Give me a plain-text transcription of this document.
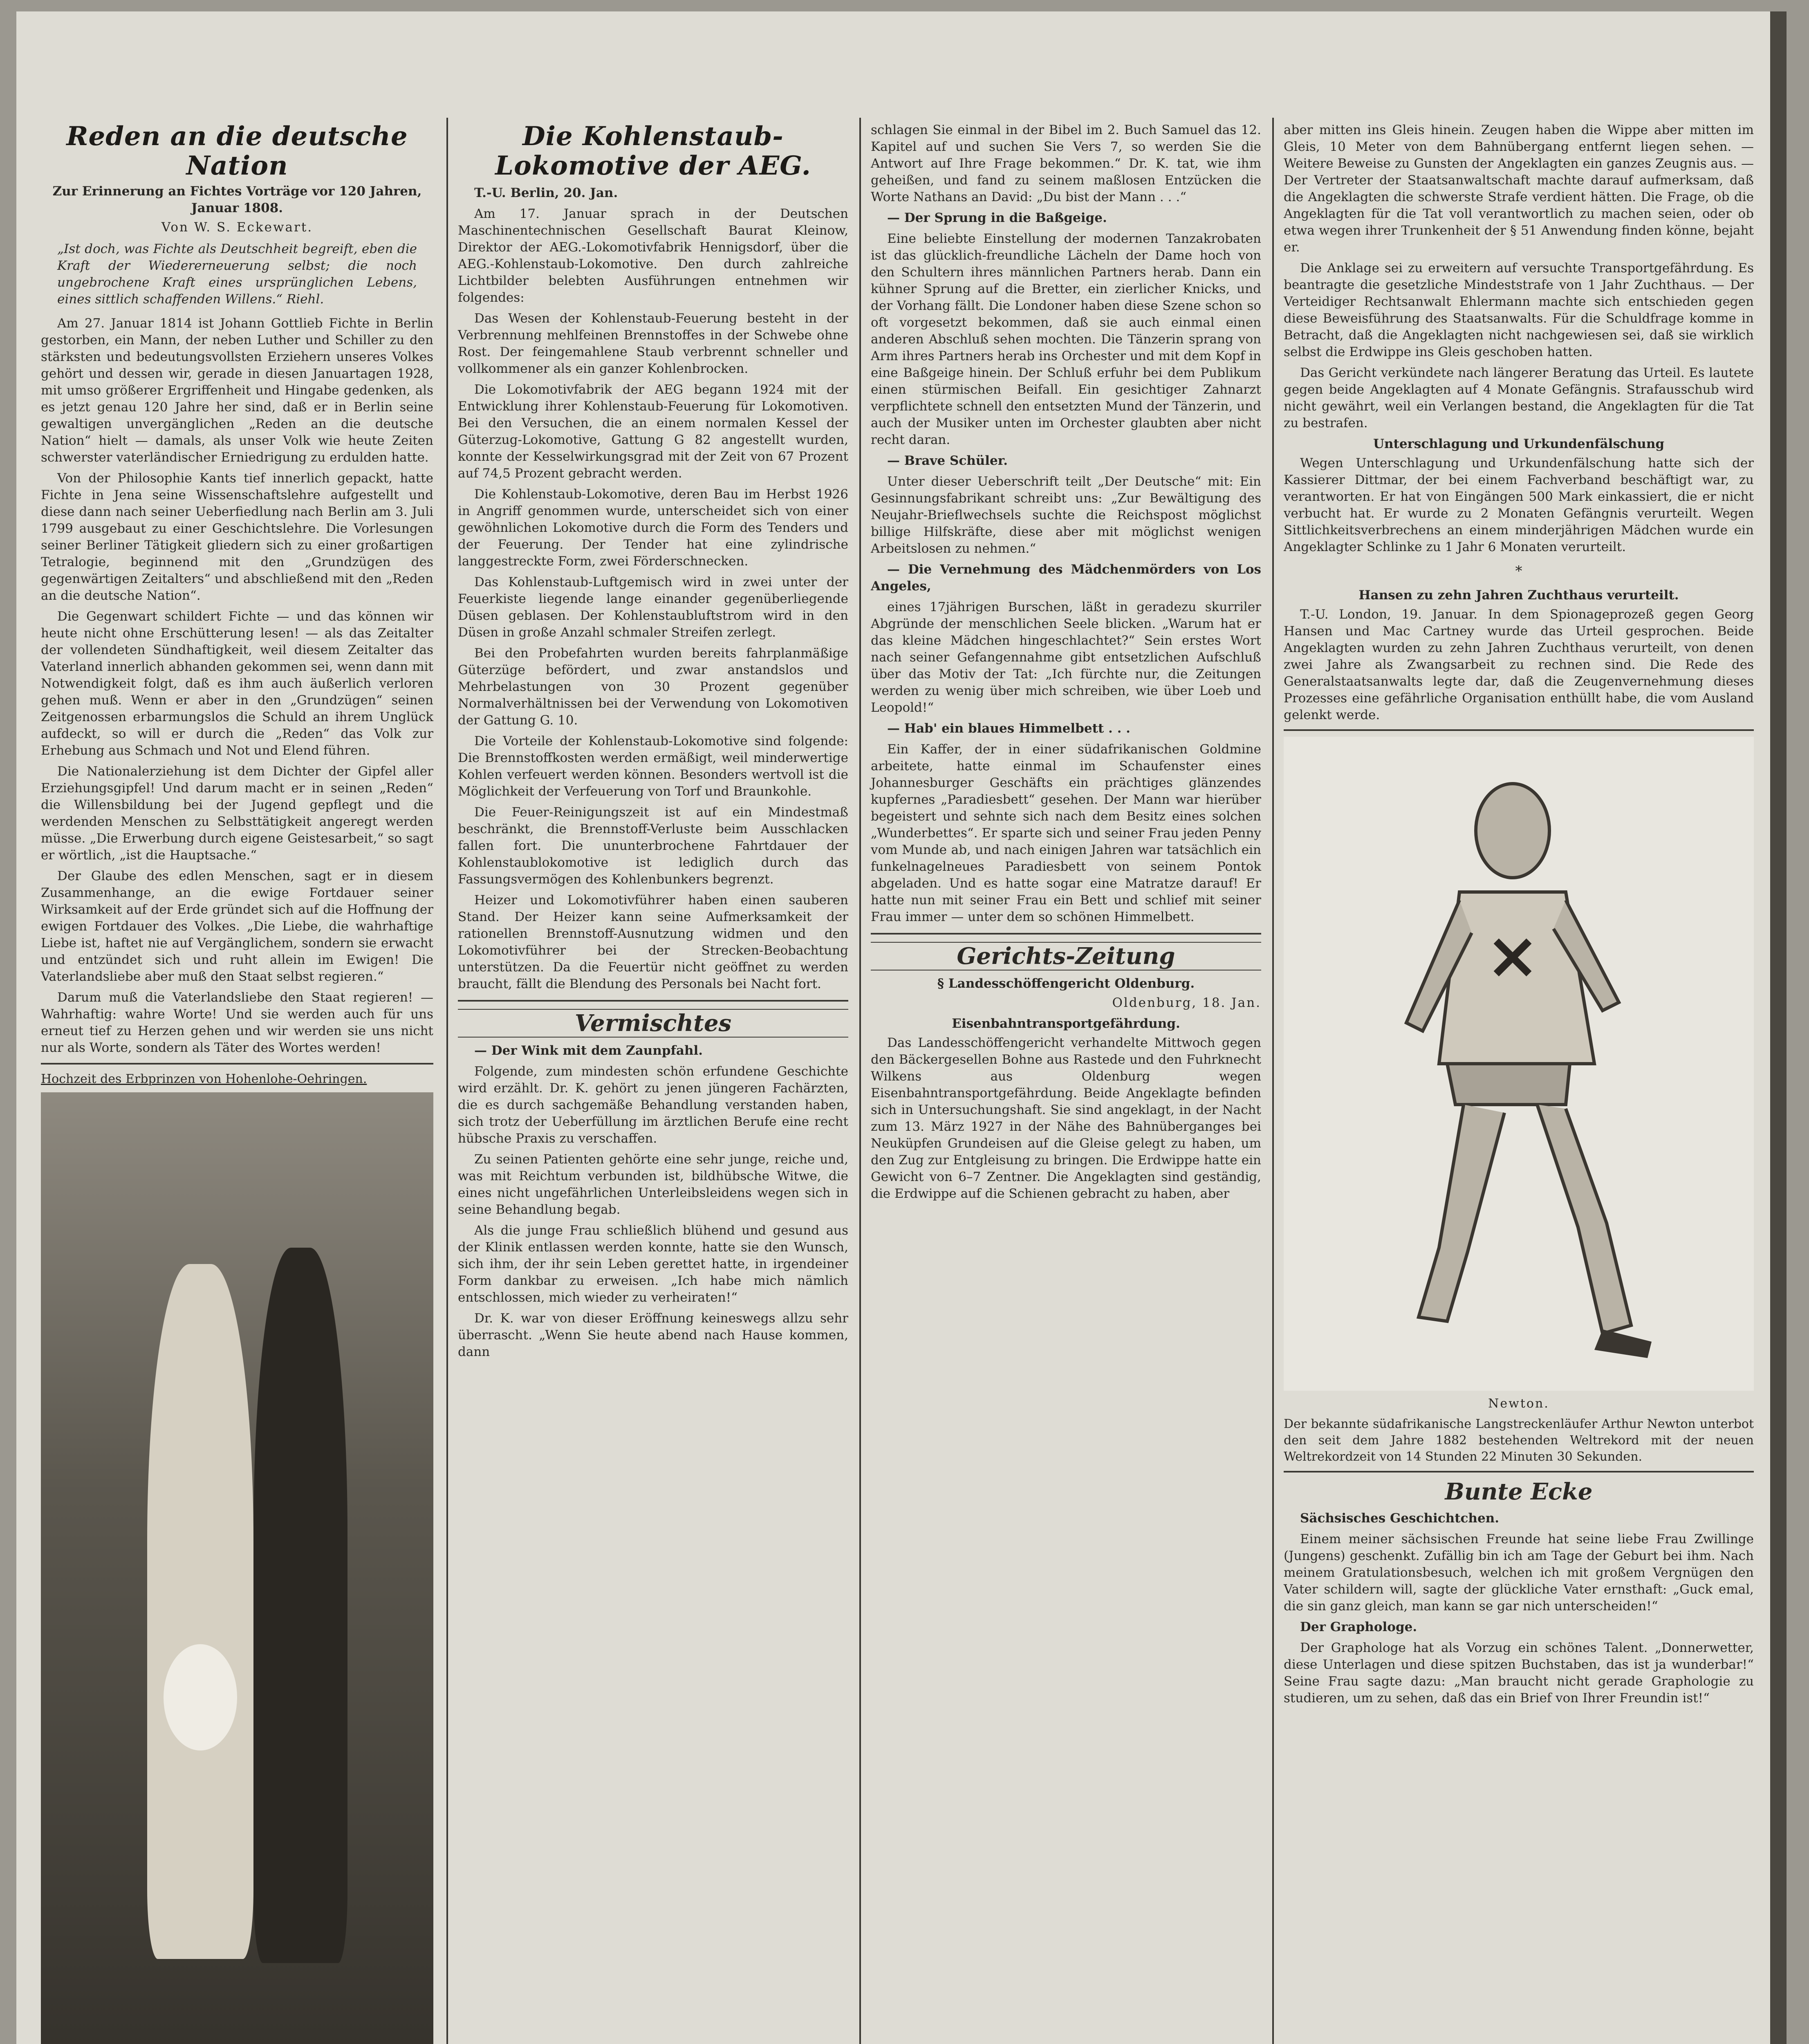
Reden an die deutsche Nation
Zur Erinnerung an Fichtes Vorträge vor 120 Jahren, Januar 1808.
Von W. S. Eckewart.
„Ist doch, was Fichte als Deutschheit begreift, eben die Kraft der Wiedererneuerung selbst; die noch ungebrochene Kraft eines ursprünglichen Lebens, eines sittlich schaffenden Willens.“ Riehl.

Am 27. Januar 1814 ist Johann Gottlieb Fichte in Berlin gestorben, ein Mann, der neben Luther und Schiller zu den stärksten und bedeutungsvollsten Erziehern unseres Volkes gehört und dessen wir, gerade in diesen Januartagen 1928, mit umso größerer Ergriffenheit und Hingabe gedenken, als es jetzt genau 120 Jahre her sind, daß er in Berlin seine gewaltigen unvergänglichen „Reden an die deutsche Nation“ hielt — damals, als unser Volk wie heute Zeiten schwerster vaterländischer Erniedrigung zu erdulden hatte.

Von der Philosophie Kants tief innerlich gepackt, hatte Fichte in Jena seine Wissenschaftslehre aufgestellt und diese dann nach seiner Ueberfiedlung nach Berlin am 3. Juli 1799 ausgebaut zu einer Geschichtslehre. Die Vorlesungen seiner Berliner Tätigkeit gliedern sich zu einer großartigen Tetralogie, beginnend mit den „Grundzügen des gegenwärtigen Zeitalters“ und abschließend mit den „Reden an die deutsche Nation“.

Die Gegenwart schildert Fichte — und das können wir heute nicht ohne Erschütterung lesen! — als das Zeitalter der vollendeten Sündhaftigkeit, weil diesem Zeitalter das Vaterland innerlich abhanden gekommen sei, wenn dann mit Notwendigkeit folgt, daß es ihm auch äußerlich verloren gehen muß. Wenn er aber in den „Grundzügen“ seinen Zeitgenossen erbarmungslos die Schuld an ihrem Unglück aufdeckt, so will er durch die „Reden“ das Volk zur Erhebung aus Schmach und Not und Elend führen.

Die Nationalerziehung ist dem Dichter der Gipfel aller Erziehungsgipfel! Und darum macht er in seinen „Reden“ die Willensbildung bei der Jugend gepflegt und die werdenden Menschen zu Selbsttätigkeit angeregt werden müsse. „Die Erwerbung durch eigene Geistesarbeit,“ so sagt er wörtlich, „ist die Hauptsache.“

Der Glaube des edlen Menschen, sagt er in diesem Zusammenhange, an die ewige Fortdauer seiner Wirksamkeit auf der Erde gründet sich auf die Hoffnung der ewigen Fortdauer des Volkes. „Die Liebe, die wahrhaftige Liebe ist, haftet nie auf Vergänglichem, sondern sie erwacht und entzündet sich und ruht allein im Ewigen! Die Vaterlandsliebe aber muß den Staat selbst regieren.“

Darum muß die Vaterlandsliebe den Staat regieren! — Wahrhaftig: wahre Worte! Und sie werden auch für uns erneut tief zu Herzen gehen und wir werden sie uns nicht nur als Worte, sondern als Täter des Wortes werden!

Hochzeit des Erbprinzen von Hohenlohe-Oehringen.
Die Kohlenstaub-Lokomotive der AEG.

T.-U. Berlin, 20. Jan.

Am 17. Januar sprach in der Deutschen Maschinentechnischen Gesellschaft Baurat Kleinow, Direktor der AEG.-Lokomotivfabrik Hennigsdorf, über die AEG.-Kohlenstaub-Lokomotive. Den durch zahlreiche Lichtbilder belebten Ausführungen entnehmen wir folgendes:

Das Wesen der Kohlenstaub-Feuerung besteht in der Verbrennung mehlfeinen Brennstoffes in der Schwebe ohne Rost. Der feingemahlene Staub verbrennt schneller und vollkommener als ein ganzer Kohlenbrocken.

Die Lokomotivfabrik der AEG begann 1924 mit der Entwicklung ihrer Kohlenstaub-Feuerung für Lokomotiven. Bei den Versuchen, die an einem normalen Kessel der Güterzug-Lokomotive, Gattung G 82 angestellt wurden, konnte der Kesselwirkungsgrad mit der Zeit von 67 Prozent auf 74,5 Prozent gebracht werden.

Die Kohlenstaub-Lokomotive, deren Bau im Herbst 1926 in Angriff genommen wurde, unterscheidet sich von einer gewöhnlichen Lokomotive durch die Form des Tenders und der Feuerung. Der Tender hat eine zylindrische langgestreckte Form, zwei Förderschnecken.

Das Kohlenstaub-Luftgemisch wird in zwei unter der Feuerkiste liegende lange einander gegenüberliegende Düsen geblasen. Der Kohlenstaubluftstrom wird in den Düsen in große Anzahl schmaler Streifen zerlegt.

Bei den Probefahrten wurden bereits fahrplanmäßige Güterzüge befördert, und zwar anstandslos und Mehrbelastungen von 30 Prozent gegenüber Normalverhältnissen bei der Verwendung von Lokomotiven der Gattung G. 10.

Die Vorteile der Kohlenstaub-Lokomotive sind folgende: Die Brennstoffkosten werden ermäßigt, weil minderwertige Kohlen verfeuert werden können. Besonders wertvoll ist die Möglichkeit der Verfeuerung von Torf und Braunkohle.

Die Feuer-Reinigungszeit ist auf ein Mindestmaß beschränkt, die Brennstoff-Verluste beim Ausschlacken fallen fort. Die ununterbrochene Fahrtdauer der Kohlenstaublokomotive ist lediglich durch das Fassungsvermögen des Kohlenbunkers begrenzt.

Heizer und Lokomotivführer haben einen sauberen Stand. Der Heizer kann seine Aufmerksamkeit der rationellen Brennstoff-Ausnutzung widmen und den Lokomotivführer bei der Strecken-Beobachtung unterstützen. Da die Feuertür nicht geöffnet zu werden braucht, fällt die Blendung des Personals bei Nacht fort.

Vermischtes

— Der Wink mit dem Zaunpfahl.

Folgende, zum mindesten schön erfundene Geschichte wird erzählt. Dr. K. gehört zu jenen jüngeren Fachärzten, die es durch sachgemäße Behandlung verstanden haben, sich trotz der Ueberfüllung im ärztlichen Berufe eine recht hübsche Praxis zu verschaffen.

Zu seinen Patienten gehörte eine sehr junge, reiche und, was mit Reichtum verbunden ist, bildhübsche Witwe, die eines nicht ungefährlichen Unterleibsleidens wegen sich in seine Behandlung begab.

Als die junge Frau schließlich blühend und gesund aus der Klinik entlassen werden konnte, hatte sie den Wunsch, sich ihm, der ihr sein Leben gerettet hatte, in irgendeiner Form dankbar zu erweisen. „Ich habe mich nämlich entschlossen, mich wieder zu verheiraten!“

Dr. K. war von dieser Eröffnung keineswegs allzu sehr überrascht. „Wenn Sie heute abend nach Hause kommen, dann

schlagen Sie einmal in der Bibel im 2. Buch Samuel das 12. Kapitel auf und suchen Sie Vers 7, so werden Sie die Antwort auf Ihre Frage bekommen.“ Dr. K. tat, wie ihm geheißen, und fand zu seinem maßlosen Entzücken die Worte Nathans an David: „Du bist der Mann . . .“

— Der Sprung in die Baßgeige.

Eine beliebte Einstellung der modernen Tanzakrobaten ist das glücklich-freundliche Lächeln der Dame hoch von den Schultern ihres männlichen Partners herab. Dann ein kühner Sprung auf die Bretter, ein zierlicher Knicks, und der Vorhang fällt. Die Londoner haben diese Szene schon so oft vorgesetzt bekommen, daß sie auch einmal einen anderen Abschluß sehen mochten. Die Tänzerin sprang von Arm ihres Partners herab ins Orchester und mit dem Kopf in eine Baßgeige hinein. Der Schluß erfuhr bei dem Publikum einen stürmischen Beifall. Ein gesichtiger Zahnarzt verpflichtete schnell den entsetzten Mund der Tänzerin, und auch der Musiker unten im Orchester glaubten aber nicht recht daran.

— Brave Schüler.

Unter dieser Ueberschrift teilt „Der Deutsche“ mit: Ein Gesinnungsfabrikant schreibt uns: „Zur Bewältigung des Neujahr-Brieflwechsels suchte die Reichspost möglichst billige Hilfskräfte, diese aber mit möglichst wenigen Arbeitslosen zu nehmen.“

— Die Vernehmung des Mädchenmörders von Los Angeles,

eines 17jährigen Burschen, läßt in geradezu skurriler Abgründe der menschlichen Seele blicken. „Warum hat er das kleine Mädchen hingeschlachtet?“ Sein erstes Wort nach seiner Gefangennahme gibt entsetzlichen Aufschluß über das Motiv der Tat: „Ich fürchte nur, die Zeitungen werden zu wenig über mich schreiben, wie über Loeb und Leopold!“

— Hab' ein blaues Himmelbett . . .

Ein Kaffer, der in einer südafrikanischen Goldmine arbeitete, hatte einmal im Schaufenster eines Johannesburger Geschäfts ein prächtiges glänzendes kupfernes „Paradiesbett“ gesehen. Der Mann war hierüber begeistert und sehnte sich nach dem Besitz eines solchen „Wunderbettes“. Er sparte sich und seiner Frau jeden Penny vom Munde ab, und nach einigen Jahren war tatsächlich ein funkelnagelneues Paradiesbett von seinem Pontok abgeladen. Und es hatte sogar eine Matratze darauf! Er hatte nun mit seiner Frau ein Bett und schlief mit seiner Frau immer — unter dem so schönen Himmelbett.

Gerichts-Zeitung
§ Landesschöffengericht Oldenburg.
Oldenburg, 18. Jan.
Eisenbahntransportgefährdung.

Das Landesschöffengericht verhandelte Mittwoch gegen den Bäckergesellen Bohne aus Rastede und den Fuhrknecht Wilkens aus Oldenburg wegen Eisenbahntransportgefährdung. Beide Angeklagte befinden sich in Untersuchungshaft. Sie sind angeklagt, in der Nacht zum 13. März 1927 in der Nähe des Bahnüberganges bei Neuküpfen Grundeisen auf die Gleise gelegt zu haben, um den Zug zur Entgleisung zu bringen. Die Erdwippe hatte ein Gewicht von 6–7 Zentner. Die Angeklagten sind geständig, die Erdwippe auf die Schienen gebracht zu haben, aber

aber mitten ins Gleis hinein. Zeugen haben die Wippe aber mitten im Gleis, 10 Meter von dem Bahnübergang entfernt liegen sehen. — Weitere Beweise zu Gunsten der Angeklagten ein ganzes Zeugnis aus. — Der Vertreter der Staatsanwaltschaft machte darauf aufmerksam, daß die Angeklagten die schwerste Strafe verdient hätten. Die Frage, ob die Angeklagten für die Tat voll verantwortlich zu machen seien, oder ob etwa wegen ihrer Trunkenheit der § 51 Anwendung finden könne, bejaht er.

Die Anklage sei zu erweitern auf versuchte Transportgefährdung. Es beantragte die gesetzliche Mindeststrafe von 1 Jahr Zuchthaus. — Der Verteidiger Rechtsanwalt Ehlermann machte sich entschieden gegen diese Beweisführung des Staatsanwalts. Für die Schuldfrage komme in Betracht, daß die Angeklagten nicht nachgewiesen sei, daß sie wirklich selbst die Erdwippe ins Gleis geschoben hatten.

Das Gericht verkündete nach längerer Beratung das Urteil. Es lautete gegen beide Angeklagten auf 4 Monate Gefängnis. Strafausschub wird nicht gewährt, weil ein Verlangen bestand, die Angeklagten für die Tat zu bestrafen.

Unterschlagung und Urkundenfälschung

Wegen Unterschlagung und Urkundenfälschung hatte sich der Kassierer Dittmar, der bei einem Fachverband beschäftigt war, zu verantworten. Er hat von Eingängen 500 Mark einkassiert, die er nicht verbucht hat. Er wurde zu 2 Monaten Gefängnis verurteilt. Wegen Sittlichkeitsverbrechens an einem minderjährigen Mädchen wurde ein Angeklagter Schlinke zu 1 Jahr 6 Monaten verurteilt.

*
Hansen zu zehn Jahren Zuchthaus verurteilt.

T.-U. London, 19. Januar. In dem Spionageprozeß gegen Georg Hansen und Mac Cartney wurde das Urteil gesprochen. Beide Angeklagten wurden zu zehn Jahren Zuchthaus verurteilt, von denen zwei Jahre als Zwangsarbeit zu rechnen sind. Die Rede des Generalstaatsanwalts legte dar, daß die Zeugenvernehmung dieses Prozesses eine gefährliche Organisation enthüllt habe, die vom Ausland gelenkt werde.

Newton.
Der bekannte südafrikanische Langstreckenläufer Arthur Newton unterbot den seit dem Jahre 1882 bestehenden Weltrekord mit der neuen Weltrekordzeit von 14 Stunden 22 Minuten 30 Sekunden.
Bunte Ecke

Sächsisches Geschichtchen.

Einem meiner sächsischen Freunde hat seine liebe Frau Zwillinge (Jungens) geschenkt. Zufällig bin ich am Tage der Geburt bei ihm. Nach meinem Gratulationsbesuch, welchen ich mit großem Vergnügen den Vater schildern will, sagte der glückliche Vater ernsthaft: „Guck emal, die sin ganz gleich, man kann se gar nich unterscheiden!“

Der Graphologe.

Der Graphologe hat als Vorzug ein schönes Talent. „Donnerwetter, diese Unterlagen und diese spitzen Buchstaben, das ist ja wunderbar!“ Seine Frau sagte dazu: „Man braucht nicht gerade Graphologie zu studieren, um zu sehen, daß das ein Brief von Ihrer Freundin ist!“
